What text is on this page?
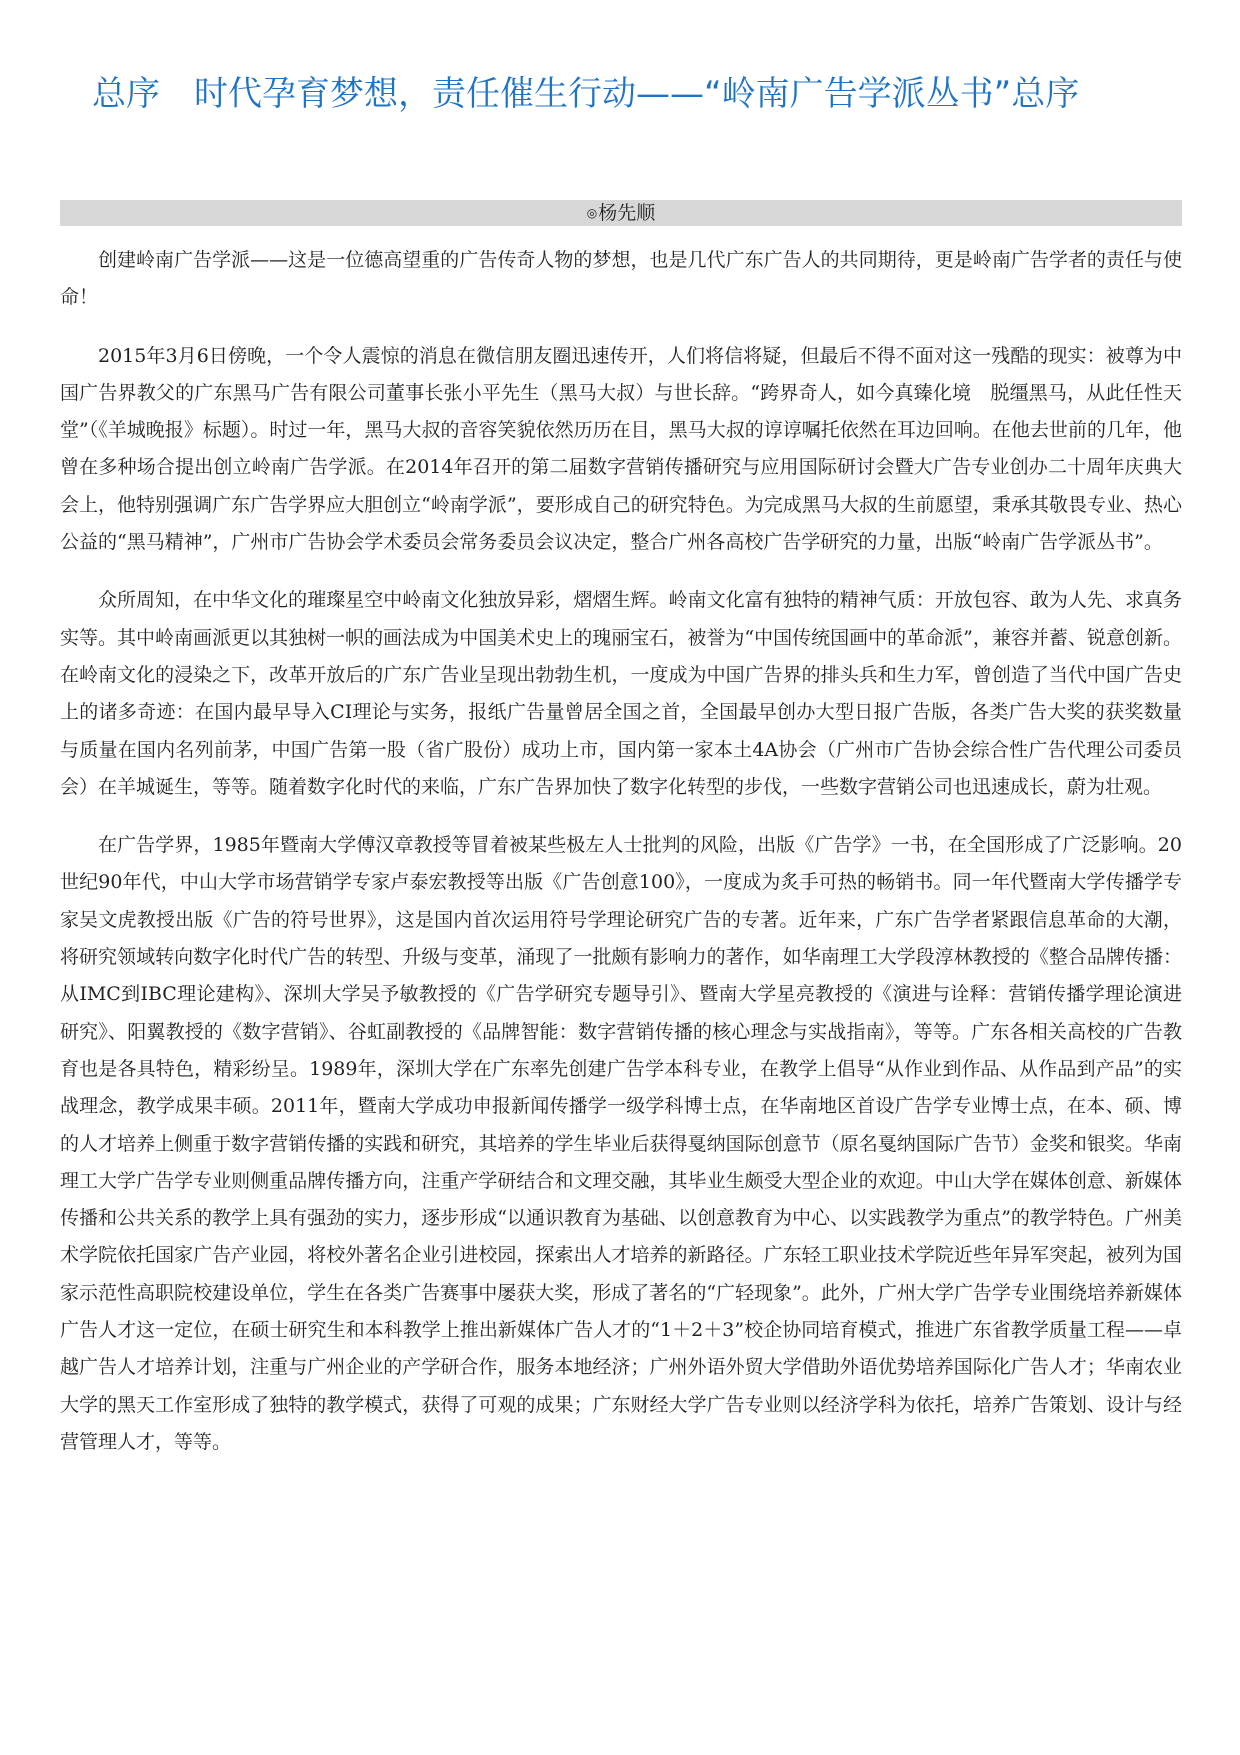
总序 时代孕育梦想，责任催生行动——“岭南广告学派丛书”总序
◎杨先顺

创建岭南广告学派——这是一位德高望重的广告传奇人物的梦想，也是几代广东广告人的共同期待，更是岭南广告学者的责任与使命！

2015年3月6日傍晚，一个令人震惊的消息在微信朋友圈迅速传开，人们将信将疑，但最后不得不面对这一残酷的现实：被尊为中国广告界教父的广东黑马广告有限公司董事长张小平先生（黑马大叔）与世长辞。“跨界奇人，如今真臻化境　脱缰黑马，从此任性天堂”（《羊城晚报》标题）。时过一年，黑马大叔的音容笑貌依然历历在目，黑马大叔的谆谆嘱托依然在耳边回响。在他去世前的几年，他曾在多种场合提出创立岭南广告学派。在2014年召开的第二届数字营销传播研究与应用国际研讨会暨大广告专业创办二十周年庆典大会上，他特别强调广东广告学界应大胆创立“岭南学派”，要形成自己的研究特色。为完成黑马大叔的生前愿望，秉承其敬畏专业、热心公益的“黑马精神”，广州市广告协会学术委员会常务委员会议决定，整合广州各高校广告学研究的力量，出版“岭南广告学派丛书”。

众所周知，在中华文化的璀璨星空中岭南文化独放异彩，熠熠生辉。岭南文化富有独特的精神气质：开放包容、敢为人先、求真务实等。其中岭南画派更以其独树一帜的画法成为中国美术史上的瑰丽宝石，被誉为“中国传统国画中的革命派”，兼容并蓄、锐意创新。在岭南文化的浸染之下，改革开放后的广东广告业呈现出勃勃生机，一度成为中国广告界的排头兵和生力军，曾创造了当代中国广告史上的诸多奇迹：在国内最早导入CI理论与实务，报纸广告量曾居全国之首，全国最早创办大型日报广告版，各类广告大奖的获奖数量与质量在国内名列前茅，中国广告第一股（省广股份）成功上市，国内第一家本土4A协会（广州市广告协会综合性广告代理公司委员会）在羊城诞生，等等。随着数字化时代的来临，广东广告界加快了数字化转型的步伐，一些数字营销公司也迅速成长，蔚为壮观。

在广告学界，1985年暨南大学傅汉章教授等冒着被某些极左人士批判的风险，出版《广告学》一书，在全国形成了广泛影响。20世纪90年代，中山大学市场营销学专家卢泰宏教授等出版《广告创意100》，一度成为炙手可热的畅销书。同一年代暨南大学传播学专家吴文虎教授出版《广告的符号世界》，这是国内首次运用符号学理论研究广告的专著。近年来，广东广告学者紧跟信息革命的大潮，将研究领域转向数字化时代广告的转型、升级与变革，涌现了一批颇有影响力的著作，如华南理工大学段淳林教授的《整合品牌传播：从IMC到IBC理论建构》、深圳大学吴予敏教授的《广告学研究专题导引》、暨南大学星亮教授的《演进与诠释：营销传播学理论演进研究》、阳翼教授的《数字营销》、谷虹副教授的《品牌智能：数字营销传播的核心理念与实战指南》，等等。广东各相关高校的广告教育也是各具特色，精彩纷呈。1989年，深圳大学在广东率先创建广告学本科专业，在教学上倡导“从作业到作品、从作品到产品”的实战理念，教学成果丰硕。2011年，暨南大学成功申报新闻传播学一级学科博士点，在华南地区首设广告学专业博士点，在本、硕、博的人才培养上侧重于数字营销传播的实践和研究，其培养的学生毕业后获得戛纳国际创意节（原名戛纳国际广告节）金奖和银奖。华南理工大学广告学专业则侧重品牌传播方向，注重产学研结合和文理交融，其毕业生颇受大型企业的欢迎。中山大学在媒体创意、新媒体传播和公共关系的教学上具有强劲的实力，逐步形成“以通识教育为基础、以创意教育为中心、以实践教学为重点”的教学特色。广州美术学院依托国家广告产业园，将校外著名企业引进校园，探索出人才培养的新路径。广东轻工职业技术学院近些年异军突起，被列为国家示范性高职院校建设单位，学生在各类广告赛事中屡获大奖，形成了著名的“广轻现象”。此外，广州大学广告学专业围绕培养新媒体广告人才这一定位，在硕士研究生和本科教学上推出新媒体广告人才的“1＋2＋3”校企协同培育模式，推进广东省教学质量工程——卓越广告人才培养计划，注重与广州企业的产学研合作，服务本地经济；广州外语外贸大学借助外语优势培养国际化广告人才；华南农业大学的黑天工作室形成了独特的教学模式，获得了可观的成果；广东财经大学广告专业则以经济学科为依托，培养广告策划、设计与经营管理人才，等等。
